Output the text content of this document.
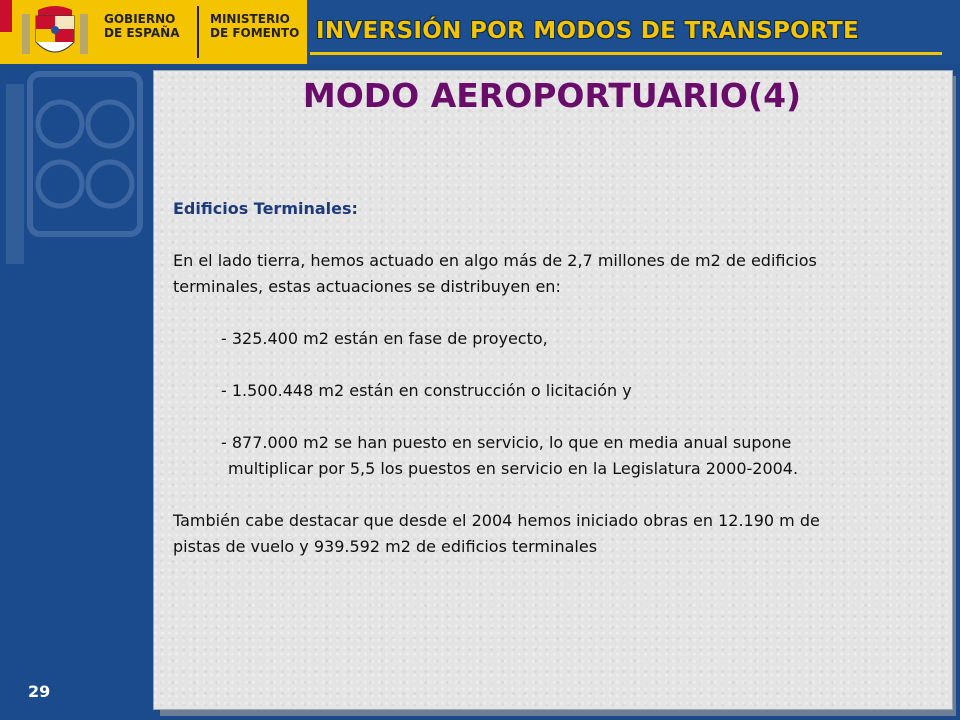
GOBIERNO
DE ESPAÑA
MINISTERIO
DE FOMENTO INVERSIÓN POR MODOS DE TRANSPORTE
29
MODO AEROPORTUARIO(4)
Edificios Terminales:
En el lado tierra, hemos actuado en algo más de 2,7 millones de m2 de edificios
terminales, estas actuaciones se distribuyen en:
- 325.400 m2 están en fase de proyecto,
- 1.500.448 m2 están en construcción o licitación y
- 877.000 m2 se han puesto en servicio, lo que en media anual supone
multiplicar por 5,5 los puestos en servicio en la Legislatura 2000-2004.
También cabe destacar que desde el 2004 hemos iniciado obras en 12.190 m de
pistas de vuelo y 939.592 m2 de edificios terminales
